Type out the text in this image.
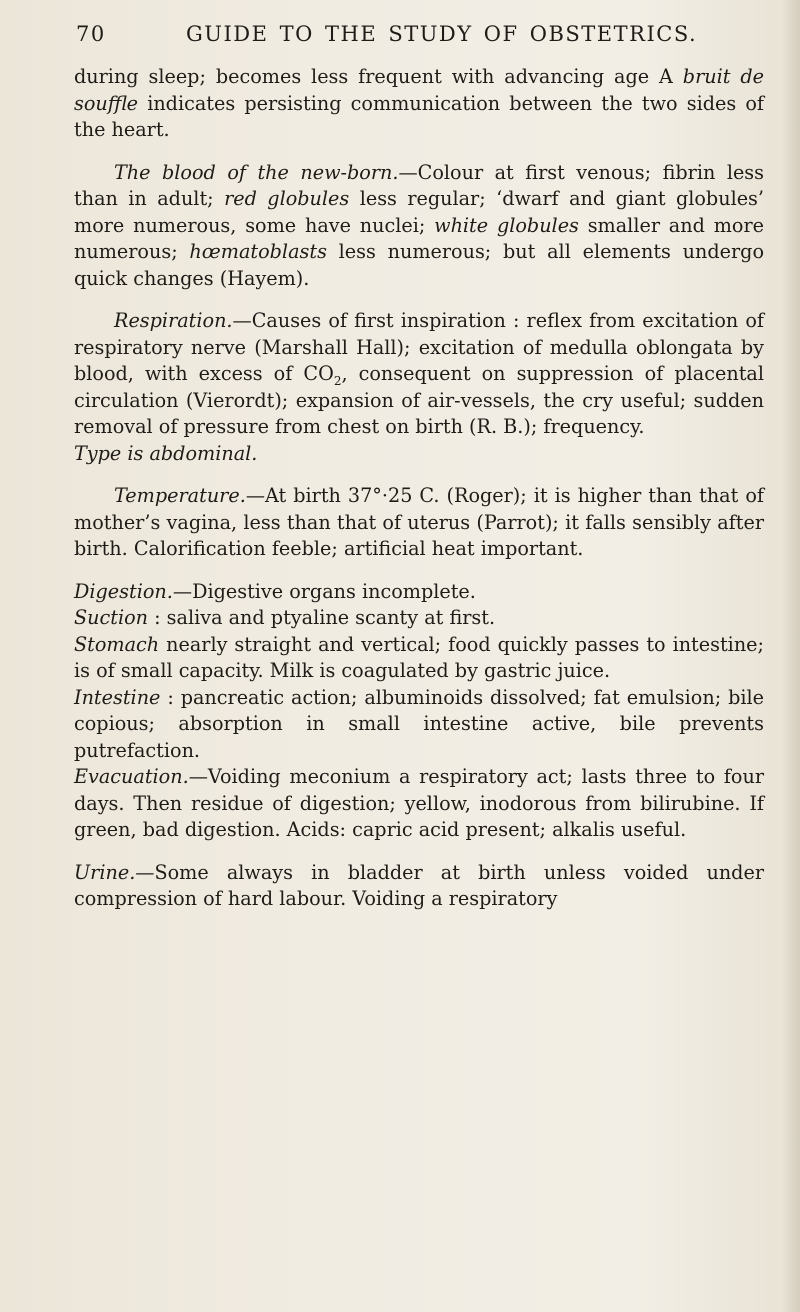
70	GUIDE TO THE STUDY OF OBSTETRICS.

during sleep; becomes less frequent with advancing age A bruit de souffle indicates persisting communication between the two sides of the heart.

The blood of the new-born.—Colour at first venous; fibrin less than in adult; red globules less regular; ‘dwarf and giant globules’ more numerous, some have nuclei; white globules smaller and more numerous; hœmatoblasts less numerous; but all elements undergo quick changes (Hayem).

Respiration.—Causes of first inspiration : reflex from excitation of respiratory nerve (Marshall Hall); excitation of medulla oblongata by blood, with excess of $CO_2$, consequent on suppression of placental circulation (Vierordt); expansion of air-vessels, the cry useful; sudden removal of pressure from chest on birth (R. B.); frequency.

Type is abdominal.

Temperature.—At birth 37°·25 C. (Roger); it is higher than that of mother’s vagina, less than that of uterus (Parrot); it falls sensibly after birth. Calorification feeble; artificial heat important.

Digestion.—Digestive organs incomplete.

Suction : saliva and ptyaline scanty at first.

Stomach nearly straight and vertical; food quickly passes to intestine; is of small capacity. Milk is coagulated by gastric juice.

Intestine : pancreatic action; albuminoids dissolved; fat emulsion; bile copious; absorption in small intestine active, bile prevents putrefaction.

Evacuation.—Voiding meconium a respiratory act; lasts three to four days. Then residue of digestion; yellow, inodorous from bilirubine. If green, bad digestion. Acids: capric acid present; alkalis useful.

Urine.—Some always in bladder at birth unless voided under compression of hard labour. Voiding a respiratory
